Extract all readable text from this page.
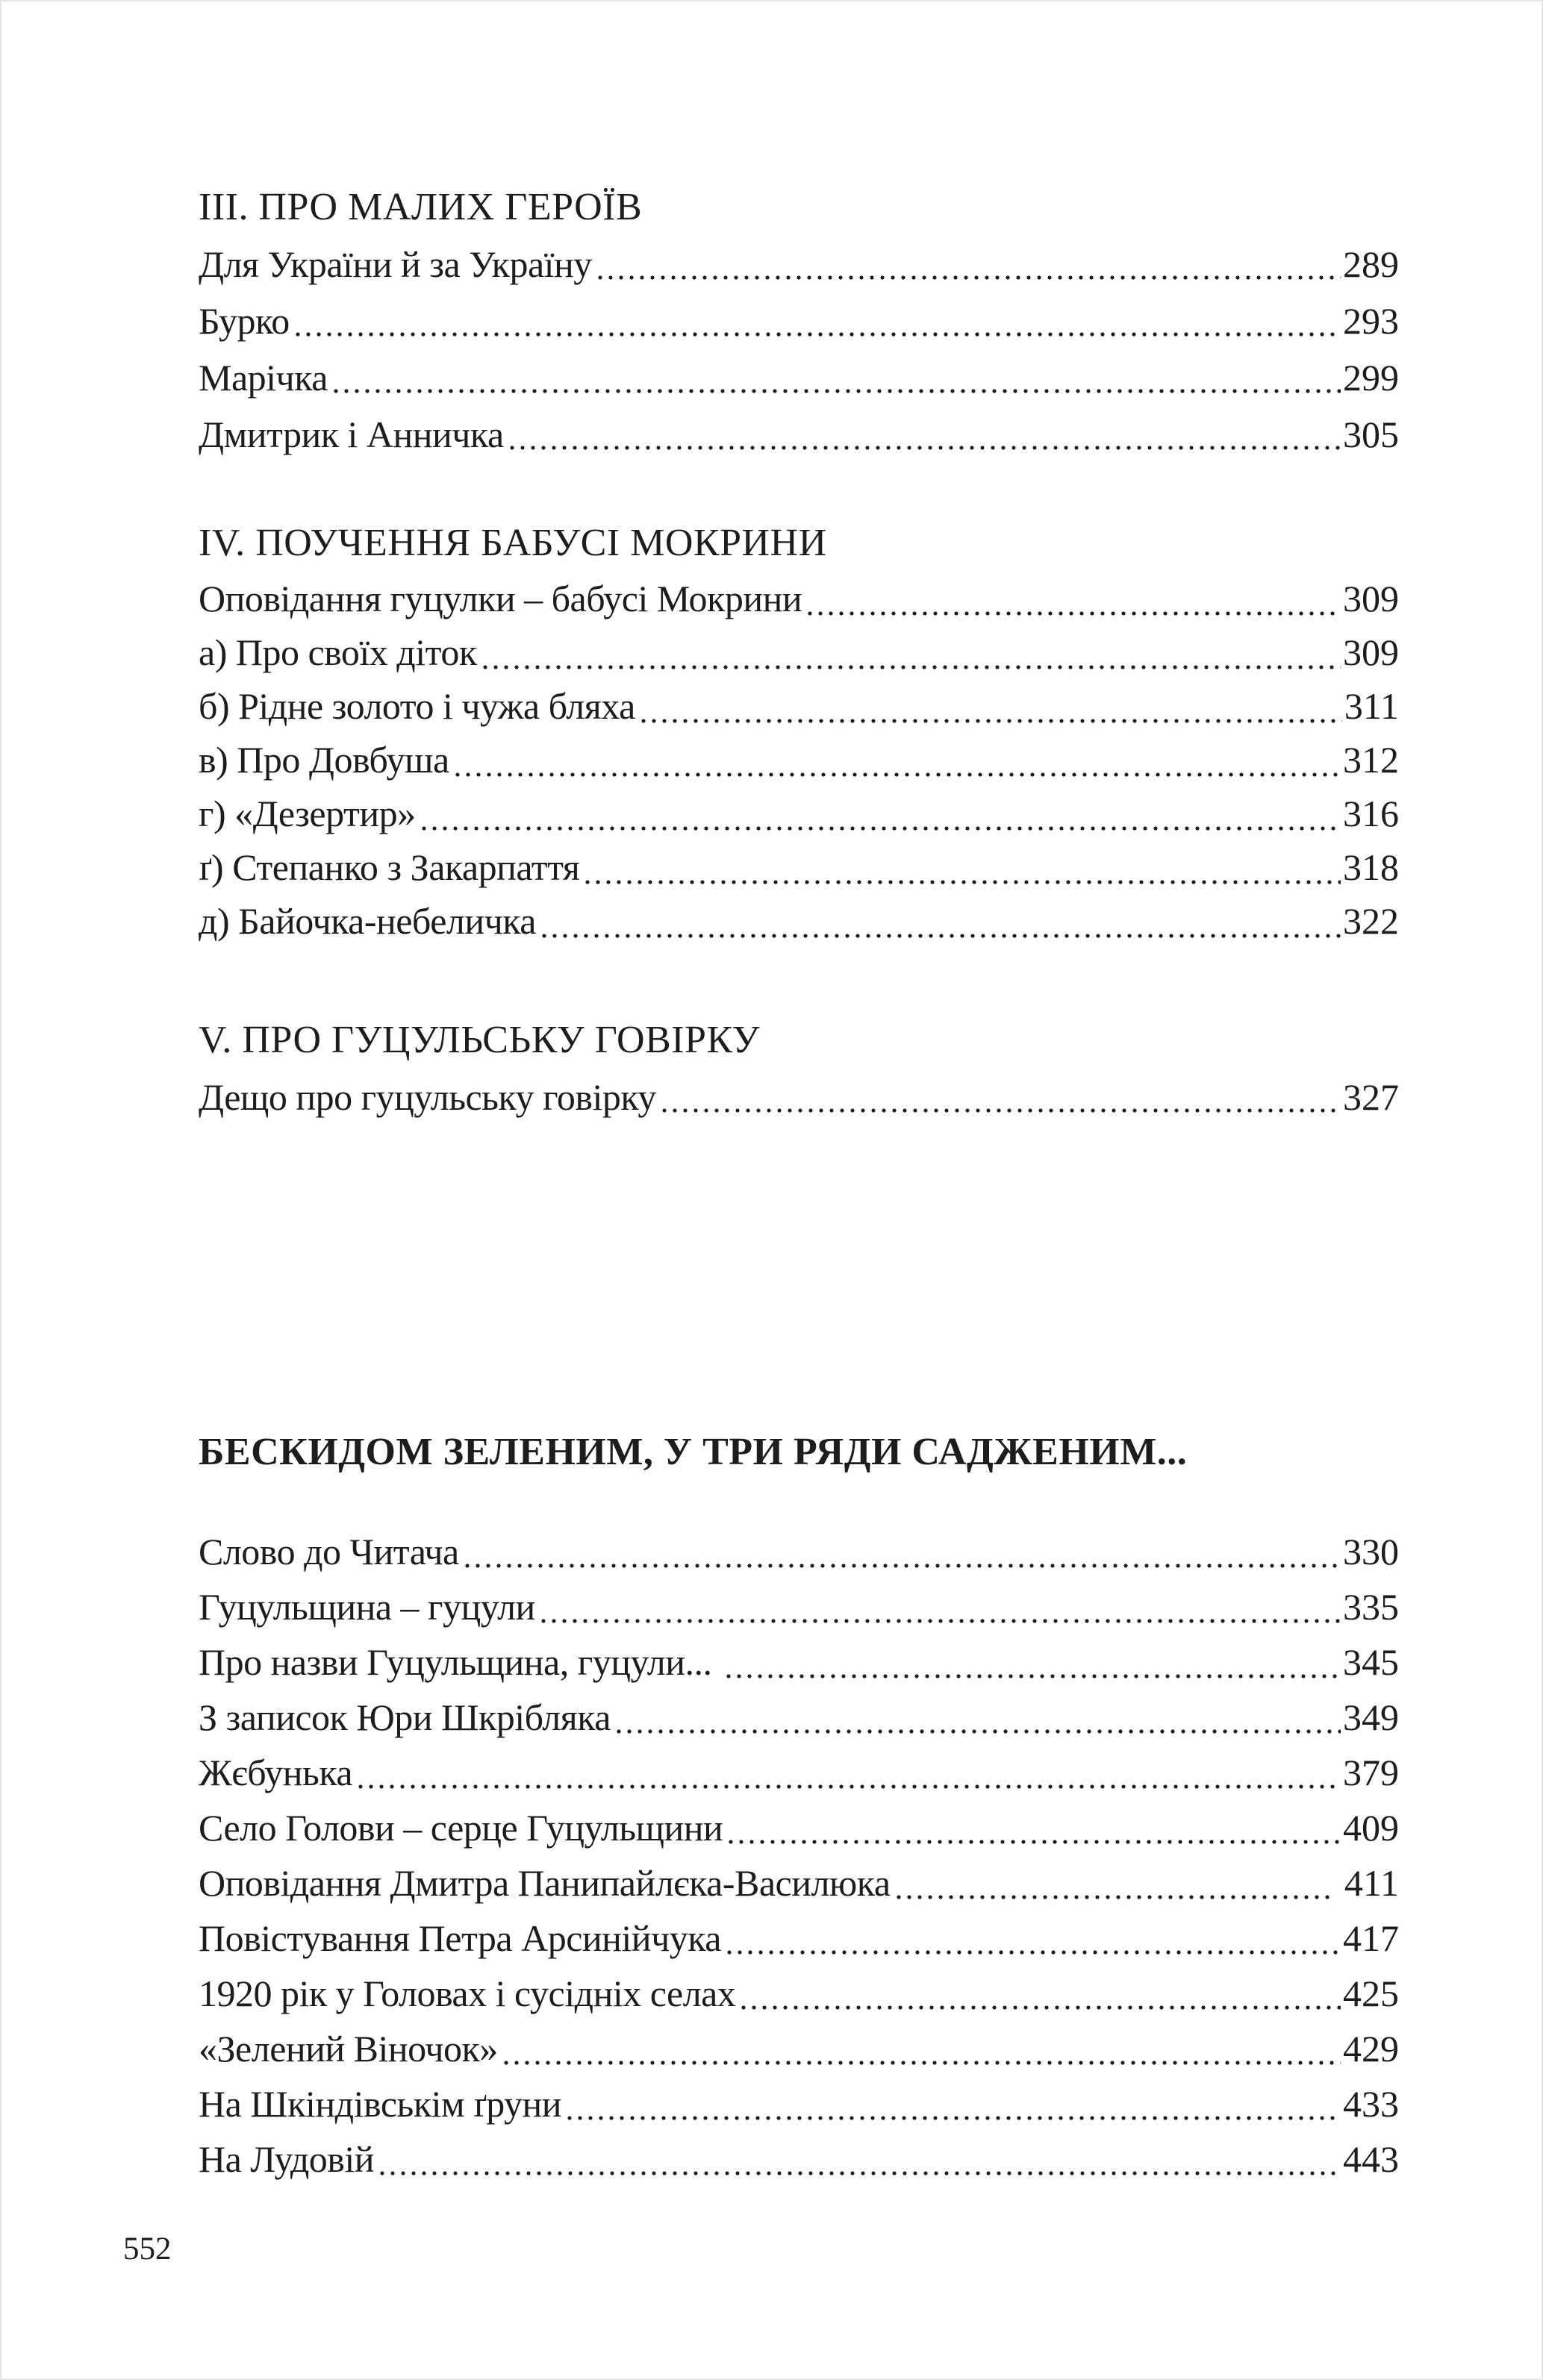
III. ПРО МАЛИХ ГЕРОЇВ
Для України й за Україну	289
Бурко	293
Марічка	299
Дмитрик і Анничка	305
IV. ПОУЧЕННЯ БАБУСІ МОКРИНИ
Оповідання гуцулки – бабусі Мокрини	309
а) Про своїх діток	309
б) Рідне золото і чужа бляха	311
в) Про Довбуша	312
г) «Дезертир»	316
ґ) Степанко з Закарпаття	318
д) Байочка-небеличка	322
V. ПРО ГУЦУЛЬСЬКУ ГОВІРКУ
Дещо про гуцульську говірку	327
БЕСКИДОМ ЗЕЛЕНИМ, У ТРИ РЯДИ САДЖЕНИМ...
Слово до Читача	330
Гуцульщина – гуцули	335
Про назви Гуцульщина, гуцули...	345
З записок Юри Шкрібляка	349
Жєбунька	379
Село Голови – серце Гуцульщини	409
Оповідання Дмитра Панипайлєка-Василюка	411
Повістування Петра Арсинійчука	417
1920 рік у Головах і сусідніх селах	425
«Зелений Віночок»	429
На Шкіндівськім ґруни	433
На Лудовій	443
552
